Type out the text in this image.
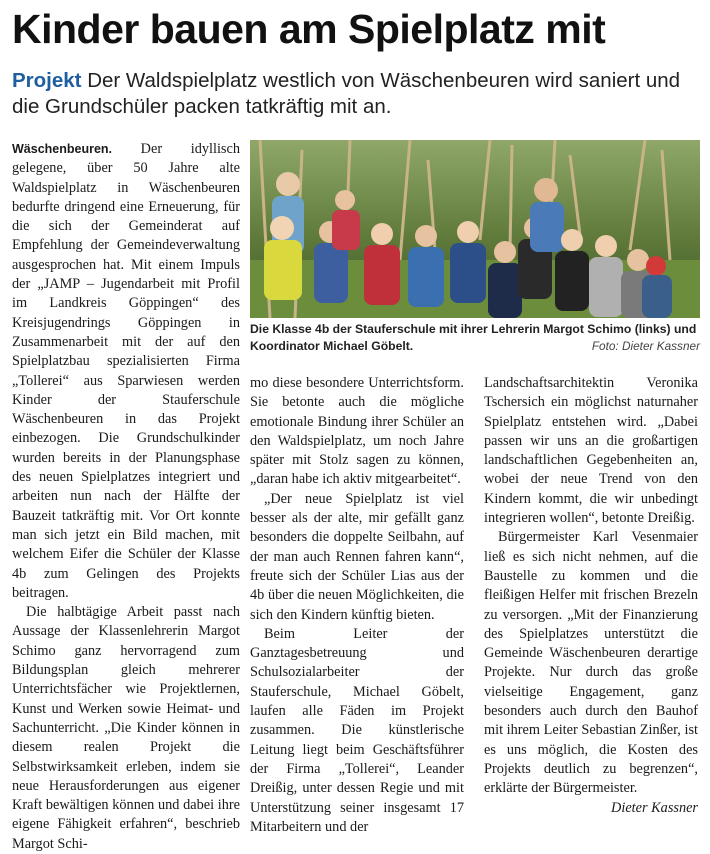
Kinder bauen am Spielplatz mit
Projekt Der Waldspielplatz westlich von Wäschenbeuren wird saniert und die Grundschüler packen tatkräftig mit an.

Wäschenbeuren. Der idyllisch gelegene, über 50 Jahre alte Waldspielplatz in Wäschenbeuren bedurfte dringend eine Erneuerung, für die sich der Gemeinderat auf Empfehlung der Gemeindeverwaltung ausgesprochen hat. Mit einem Impuls der „JAMP – Jugendarbeit mit Profil im Landkreis Göppingen“ des Kreisjugendrings Göppingen in Zusammenarbeit mit der auf den Spielplatzbau spezialisierten Firma „Tollerei“ aus Sparwiesen werden Kinder der Stauferschule Wäschenbeuren in das Projekt einbezogen. Die Grundschulkinder wurden bereits in der Planungsphase des neuen Spielplatzes integriert und arbeiten nun nach der Hälfte der Bauzeit tatkräftig mit. Vor Ort konnte man sich jetzt ein Bild machen, mit welchem Eifer die Schüler der Klasse 4b zum Gelingen des Projekts beitragen.

Die halbtägige Arbeit passt nach Aussage der Klassenlehrerin Margot Schimo ganz hervorragend zum Bildungsplan gleich mehrerer Unterrichtsfächer wie Projektlernen, Kunst und Werken sowie Heimat- und Sachunterricht. „Die Kinder können in diesem realen Projekt die Selbstwirksamkeit erleben, indem sie neue Herausforderungen aus eigener Kraft bewältigen können und dabei ihre eigene Fähigkeit erfahren“, beschrieb Margot Schi-

Die Klasse 4b der Stauferschule mit ihrer Lehrerin Margot Schimo (links) und Koordinator Michael Göbelt.	Foto: Dieter Kassner

mo diese besondere Unterrichtsform. Sie betonte auch die mögliche emotionale Bindung ihrer Schüler an den Waldspielplatz, um noch Jahre später mit Stolz sagen zu können, „daran habe ich aktiv mitgearbeitet“.

„Der neue Spielplatz ist viel besser als der alte, mir gefällt ganz besonders die doppelte Seilbahn, auf der man auch Rennen fahren kann“, freute sich der Schüler Lias aus der 4b über die neuen Möglichkeiten, die sich den Kindern künftig bieten.

Beim Leiter der Ganztagesbetreuung und Schulsozialarbeiter der Stauferschule, Michael Göbelt, laufen alle Fäden im Projekt zusammen. Die künstlerische Leitung liegt beim Geschäftsführer der Firma „Tollerei“, Leander Dreißig, unter dessen Regie und mit Unterstützung seiner insgesamt 17 Mitarbeitern und der

Landschaftsarchitektin Veronika Tschersich ein möglichst naturnaher Spielplatz entstehen wird. „Dabei passen wir uns an die großartigen landschaftlichen Gegebenheiten an, wobei der neue Trend von den Kindern kommt, die wir unbedingt integrieren wollen“, betonte Dreißig.

Bürgermeister Karl Vesenmaier ließ es sich nicht nehmen, auf die Baustelle zu kommen und die fleißigen Helfer mit frischen Brezeln zu versorgen. „Mit der Finanzierung des Spielplatzes unterstützt die Gemeinde Wäschenbeuren derartige Projekte. Nur durch das große vielseitige Engagement, ganz besonders auch durch den Bauhof mit ihrem Leiter Sebastian Zinßer, ist es uns möglich, die Kosten des Projekts deutlich zu begrenzen“, erklärte der Bürgermeister.

Dieter Kassner
